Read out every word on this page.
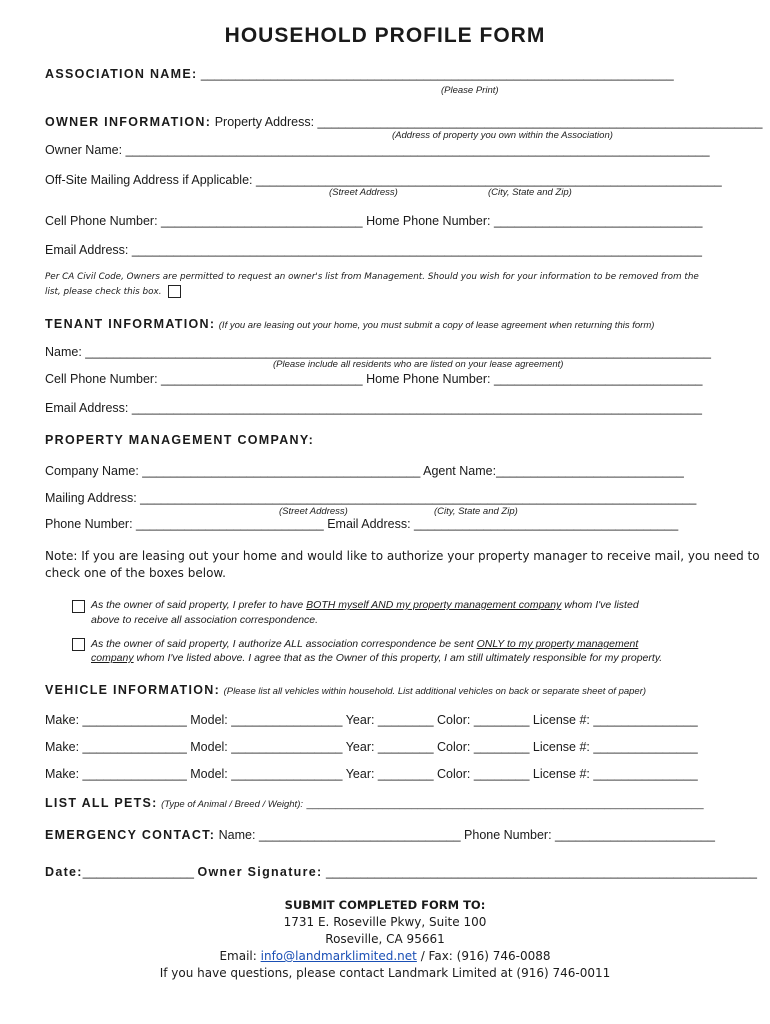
HOUSEHOLD PROFILE FORM
ASSOCIATION NAME: ____________________________________________________________________
(Please Print)
OWNER INFORMATION: Property Address: ________________________________________________________________
(Address of property you own within the Association)
Owner Name: ____________________________________________________________________________________
Off-Site Mailing Address if Applicable: ___________________________________________________________________
(Street Address)	(City, State and Zip)
Cell Phone Number: _____________________________ Home Phone Number: ______________________________
Email Address: __________________________________________________________________________________
Per CA Civil Code, Owners are permitted to request an owner's list from Management. Should you wish for your information to be removed from the
list, please check this box.
TENANT INFORMATION: (If you are leasing out your home, you must submit a copy of lease agreement when returning this form)
Name: __________________________________________________________________________________________
(Please include all residents who are listed on your lease agreement)
Cell Phone Number: _____________________________ Home Phone Number: ______________________________
Email Address: __________________________________________________________________________________
PROPERTY MANAGEMENT COMPANY:
Company Name: ________________________________________ Agent Name:___________________________
Mailing Address: ________________________________________________________________________________
(Street Address)	(City, State and Zip)
Phone Number: ___________________________ Email Address: ______________________________________
Note: If you are leasing out your home and would like to authorize your property manager to receive mail, you need to
check one of the boxes below.
As the owner of said property, I prefer to have BOTH myself AND my property management company whom I've listed
above to receive all association correspondence.
As the owner of said property, I authorize ALL association correspondence be sent ONLY to my property management
company whom I've listed above. I agree that as the Owner of this property, I am still ultimately responsible for my property.
VEHICLE INFORMATION: (Please list all vehicles within household. List additional vehicles on back or separate sheet of paper)
Make: _______________ Model: ________________ Year: ________ Color: ________ License #: _______________
Make: _______________ Model: ________________ Year: ________ Color: ________ License #: _______________
Make: _______________ Model: ________________ Year: ________ Color: ________ License #: _______________
LIST ALL PETS: (Type of Animal / Breed / Weight): ____________________________________________________________________
EMERGENCY CONTACT: Name: _____________________________ Phone Number: _______________________
Date:________________ Owner Signature: ______________________________________________________________
SUBMIT COMPLETED FORM TO:
1731 E. Roseville Pkwy, Suite 100
Roseville, CA 95661
Email: info@landmarklimited.net / Fax: (916) 746-0088
If you have questions, please contact Landmark Limited at (916) 746-0011
